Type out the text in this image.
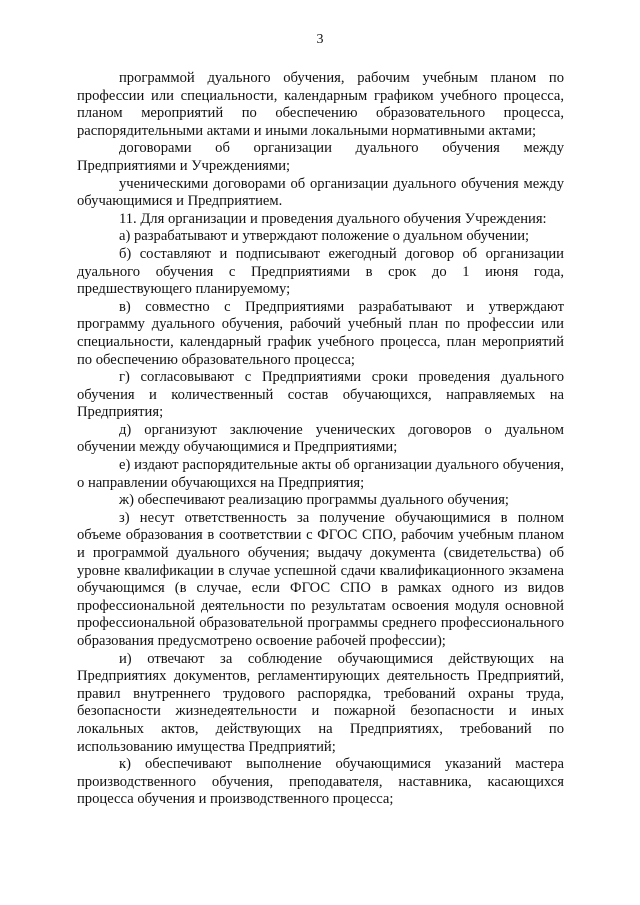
3

программой дуального обучения, рабочим учебным планом по профессии или специальности, календарным графиком учебного процесса, планом мероприятий по обеспечению образовательного процесса, распорядительными актами и иными локальными нормативными актами;

договорами об организации дуального обучения между Предприятиями и Учреждениями;

ученическими договорами об организации дуального обучения между обучающимися и Предприятием.

11. Для организации и проведения дуального обучения Учреждения:

а) разрабатывают и утверждают положение о дуальном обучении;

б) составляют и подписывают ежегодный договор об организации дуального обучения с Предприятиями в срок до 1 июня года, предшествующего планируемому;

в) совместно с Предприятиями разрабатывают и утверждают программу дуального обучения, рабочий учебный план по профессии или специальности, календарный график учебного процесса, план мероприятий по обеспечению образовательного процесса;

г) согласовывают с Предприятиями сроки проведения дуального обучения и количественный состав обучающихся, направляемых на Предприятия;

д) организуют заключение ученических договоров о дуальном обучении между обучающимися и Предприятиями;

е) издают распорядительные акты об организации дуального обучения, о направлении обучающихся на Предприятия;

ж) обеспечивают реализацию программы дуального обучения;

з) несут ответственность за получение обучающимися в полном объеме образования в соответствии с ФГОС СПО, рабочим учебным планом и программой дуального обучения; выдачу документа (свидетельства) об уровне квалификации в случае успешной сдачи квалификационного экзамена обучающимся (в случае, если ФГОС СПО в рамках одного из видов профессиональной деятельности по результатам освоения модуля основной профессиональной образовательной программы среднего профессионального образования предусмотрено освоение рабочей профессии);

и) отвечают за соблюдение обучающимися действующих на Предприятиях документов, регламентирующих деятельность Предприятий, правил внутреннего трудового распорядка, требований охраны труда, безопасности жизнедеятельности и пожарной безопасности и иных локальных актов, действующих на Предприятиях, требований по использованию имущества Предприятий;

к) обеспечивают выполнение обучающимися указаний мастера производственного обучения, преподавателя, наставника, касающихся процесса обучения и производственного процесса;
